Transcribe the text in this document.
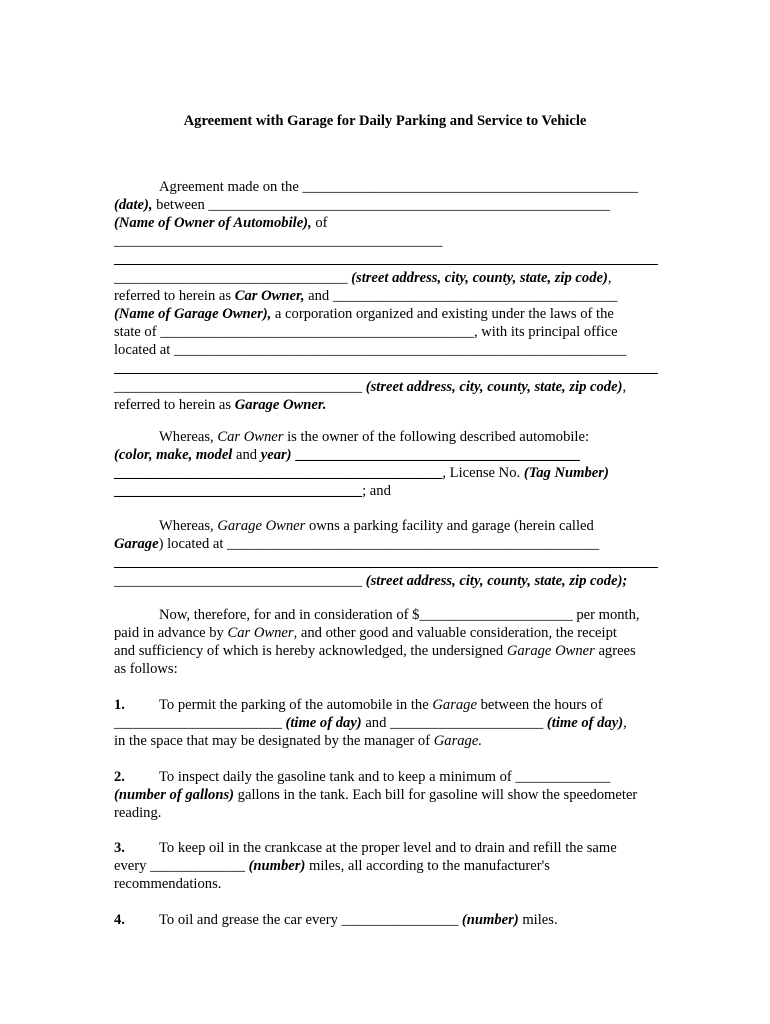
Agreement with Garage for Daily Parking and Service to Vehicle
Agreement made on the ______________________________________________
(date), between _______________________________________________________
(Name of Owner of Automobile), of
_____________________________________________
________________________________ (street address, city, county, state, zip code),
referred to herein as Car Owner, and _______________________________________
(Name of Garage Owner), a corporation organized and existing under the laws of the
state of ___________________________________________, with its principal office
located at ______________________________________________________________
__________________________________ (street address, city, county, state, zip code),
referred to herein as Garage Owner.
Whereas, Car Owner is the owner of the following described automobile:
(color, make, model and year) _______________________________________
_____________________________________________, License No. (Tag Number)
__________________________________; and
Whereas, Garage Owner owns a parking facility and garage (herein called
Garage) located at ___________________________________________________
__________________________________ (street address, city, county, state, zip code);
Now, therefore, for and in consideration of $_____________________ per month,
paid in advance by Car Owner, and other good and valuable consideration, the receipt
and sufficiency of which is hereby acknowledged, the undersigned Garage Owner agrees
as follows:
1. To permit the parking of the automobile in the Garage between the hours of
_______________________ (time of day) and _____________________ (time of day),
in the space that may be designated by the manager of Garage.
2. To inspect daily the gasoline tank and to keep a minimum of _____________
(number of gallons) gallons in the tank. Each bill for gasoline will show the speedometer
reading.
3. To keep oil in the crankcase at the proper level and to drain and refill the same
every _____________ (number) miles, all according to the manufacturer's
recommendations.
4. To oil and grease the car every ________________ (number) miles.
